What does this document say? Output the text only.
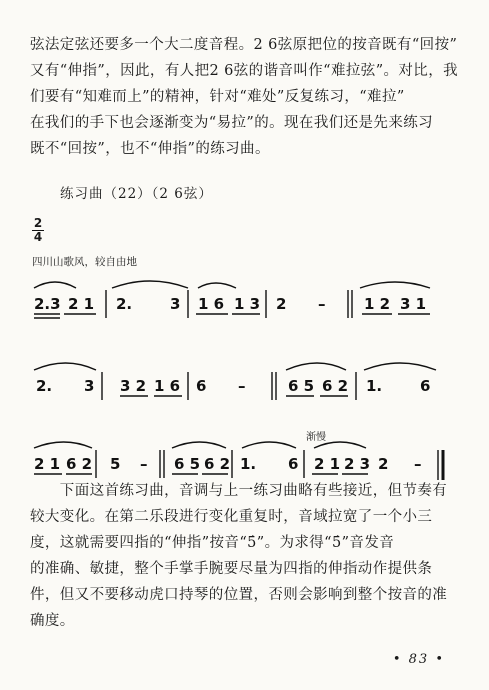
弦法定弦还要多一个大二度音程。2 6弦原把位的按音既有“回按”
又有“伸指”，因此，有人把2 6弦的谐音叫作“难拉弦”。对比，我
们要有“知难而上”的精神，针对“难处”反复练习，“难拉”
在我们的手下也会逐渐变为“易拉”的。现在我们还是先来练习
既不“回按”，也不“伸指”的练习曲。
练习曲（22）（2 6弦）
2
4
四川山歌风，较自由地
2.3 2 1 2.	3 1 6 1 3 2 –	1 2 3 1
2. 3 3 2 1 6 6 –	6 5 6 2 1.	6
2 1 6 2 5 – 6 5 6 2 1. 6 2 1 2 3 2 –
渐慢
　　下面这首练习曲，音调与上一练习曲略有些接近，但节奏有
较大变化。在第二乐段进行变化重复时，音域拉宽了一个小三
度，这就需要四指的“伸指”按音“5̇”。为求得“5̇”音发音
的准确、敏捷，整个手掌手腕要尽量为四指的伸指动作提供条
件，但又不要移动虎口持琴的位置，否则会影响到整个按音的准
确度。
• 83 •
